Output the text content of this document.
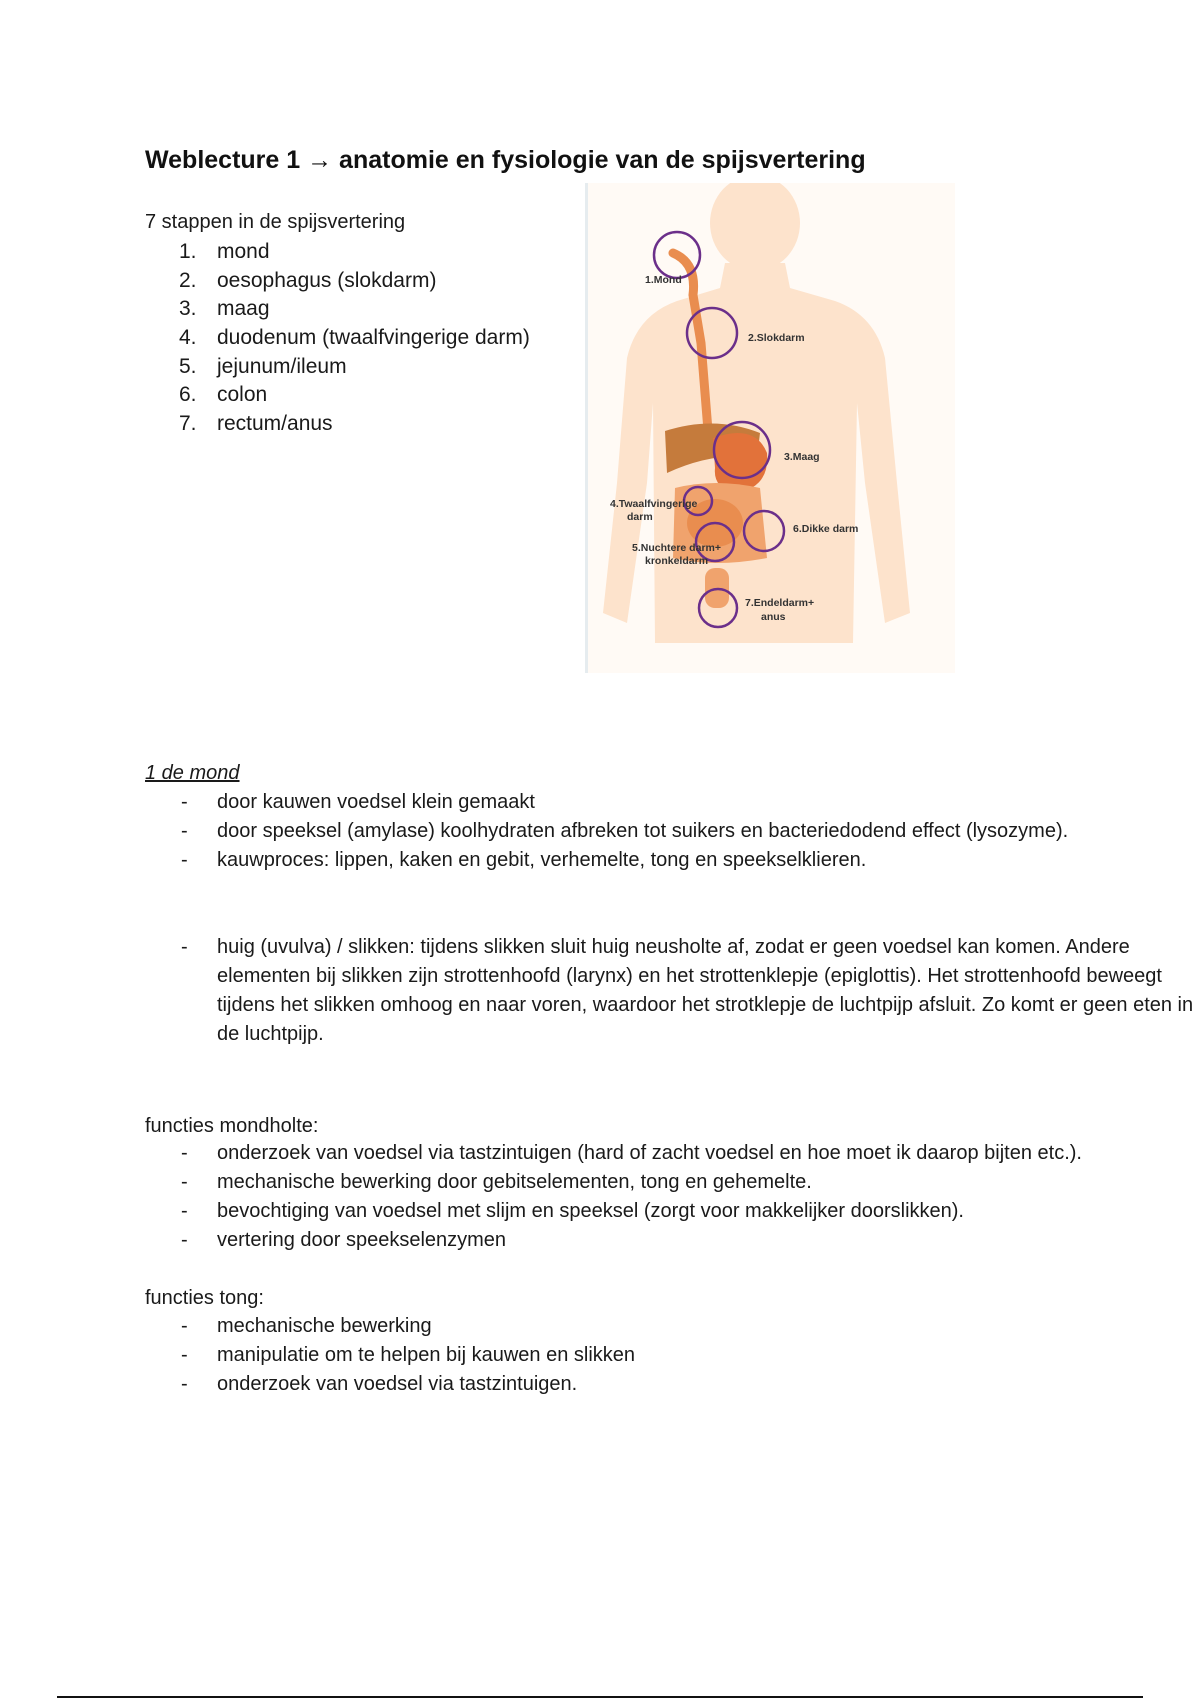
Weblecture 1 → anatomie en fysiologie van de spijsvertering

7 stappen in de spijsvertering

1. mond
2. oesophagus (slokdarm)
3. maag
4. duodenum (twaalfvingerige darm)
5. jejunum/ileum
6. colon
7. rectum/anus
1.Mond
2.Slokdarm
3.Maag
4.Twaalfvingerige
darm
5.Nuchtere darm+
kronkeldarm
6.Dikke darm
7.Endeldarm+
anus

1 de mond

- door kauwen voedsel klein gemaakt
- door speeksel (amylase) koolhydraten afbreken tot suikers en bacteriedodend effect (lysozyme).
- kauwproces: lippen, kaken en gebit, verhemelte, tong en speekselklieren.
- huig (uvulva) / slikken: tijdens slikken sluit huig neusholte af, zodat er geen voedsel kan komen. Andere elementen bij slikken zijn strottenhoofd (larynx) en het strottenklepje (epiglottis). Het strottenhoofd beweegt tijdens het slikken omhoog en naar voren, waardoor het strotklepje de luchtpijp afsluit. Zo komt er geen eten in de luchtpijp.

functies mondholte:

- onderzoek van voedsel via tastzintuigen (hard of zacht voedsel en hoe moet ik daarop bijten etc.).
- mechanische bewerking door gebitselementen, tong en gehemelte.
- bevochtiging van voedsel met slijm en speeksel (zorgt voor makkelijker doorslikken).
- vertering door speekselenzymen

functies tong:

- mechanische bewerking
- manipulatie om te helpen bij kauwen en slikken
- onderzoek van voedsel via tastzintuigen.
